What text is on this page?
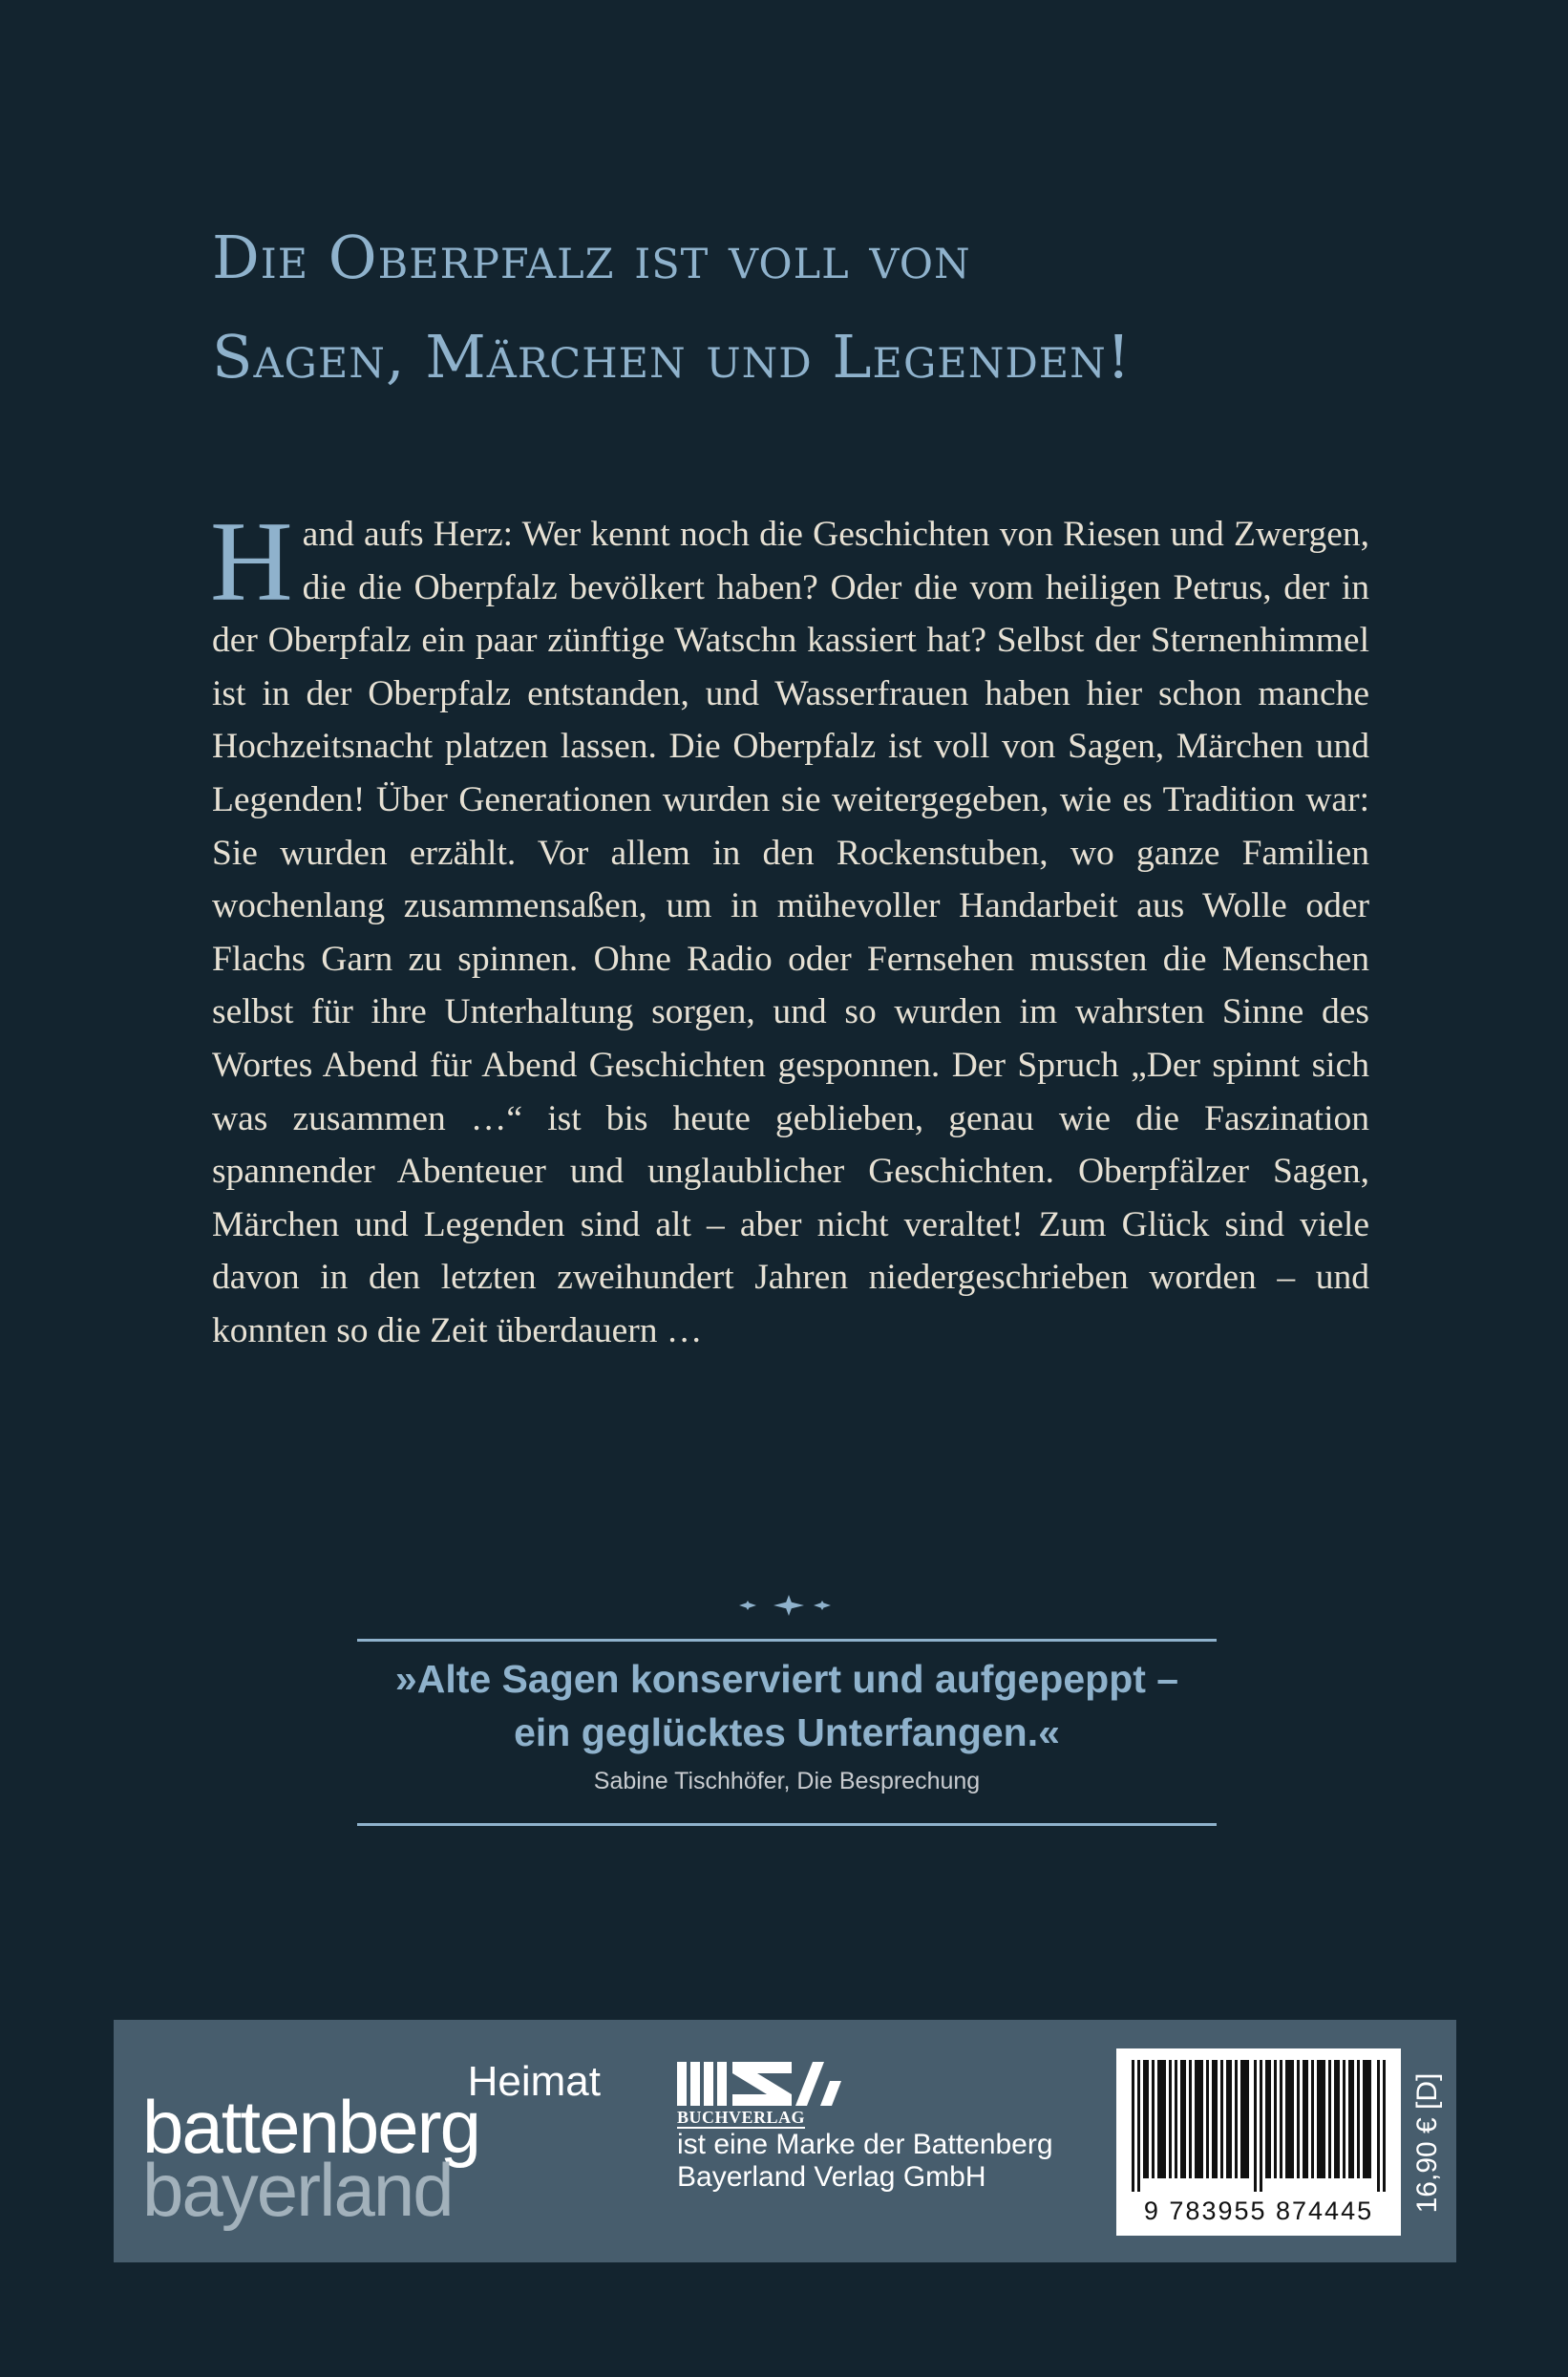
Die Oberpfalz ist voll von
Sagen, Märchen und Legenden!

Hand aufs Herz: Wer kennt noch die Geschichten von Riesen und Zwergen, die die Oberpfalz bevölkert haben? Oder die vom heiligen Petrus, der in der Oberpfalz ein paar zünftige Watschn kassiert hat? Selbst der Sternenhimmel ist in der Oberpfalz entstanden, und Wasserfrauen haben hier schon manche Hochzeitsnacht platzen lassen. Die Oberpfalz ist voll von Sagen, Märchen und Legenden! Über Generationen wurden sie weitergegeben, wie es Tradition war: Sie wurden erzählt. Vor allem in den Rockenstuben, wo ganze Familien wochenlang zusammensaßen, um in mühevoller Handarbeit aus Wolle oder Flachs Garn zu spinnen. Ohne Radio oder Fernsehen mussten die Menschen selbst für ihre Unterhaltung sorgen, und so wurden im wahrsten Sinne des Wortes Abend für Abend Geschichten gesponnen. Der Spruch „Der spinnt sich was zusammen …“ ist bis heute geblieben, genau wie die Faszination spannender Abenteuer und unglaublicher Geschichten. Oberpfälzer Sagen, Märchen und Legenden sind alt – aber nicht veraltet! Zum Glück sind viele davon in den letzten zweihundert Jahren niedergeschrieben worden – und konnten so die Zeit überdauern …

»Alte Sagen konserviert und aufgepeppt –
ein geglücktes Unterfangen.«

Sabine Tischhöfer, Die Besprechung
Heimat
battenberg
bayerland
BUCHVERLAG
ist eine Marke der Battenberg
Bayerland Verlag GmbH
9 783955 874445	16,90 € [D]
